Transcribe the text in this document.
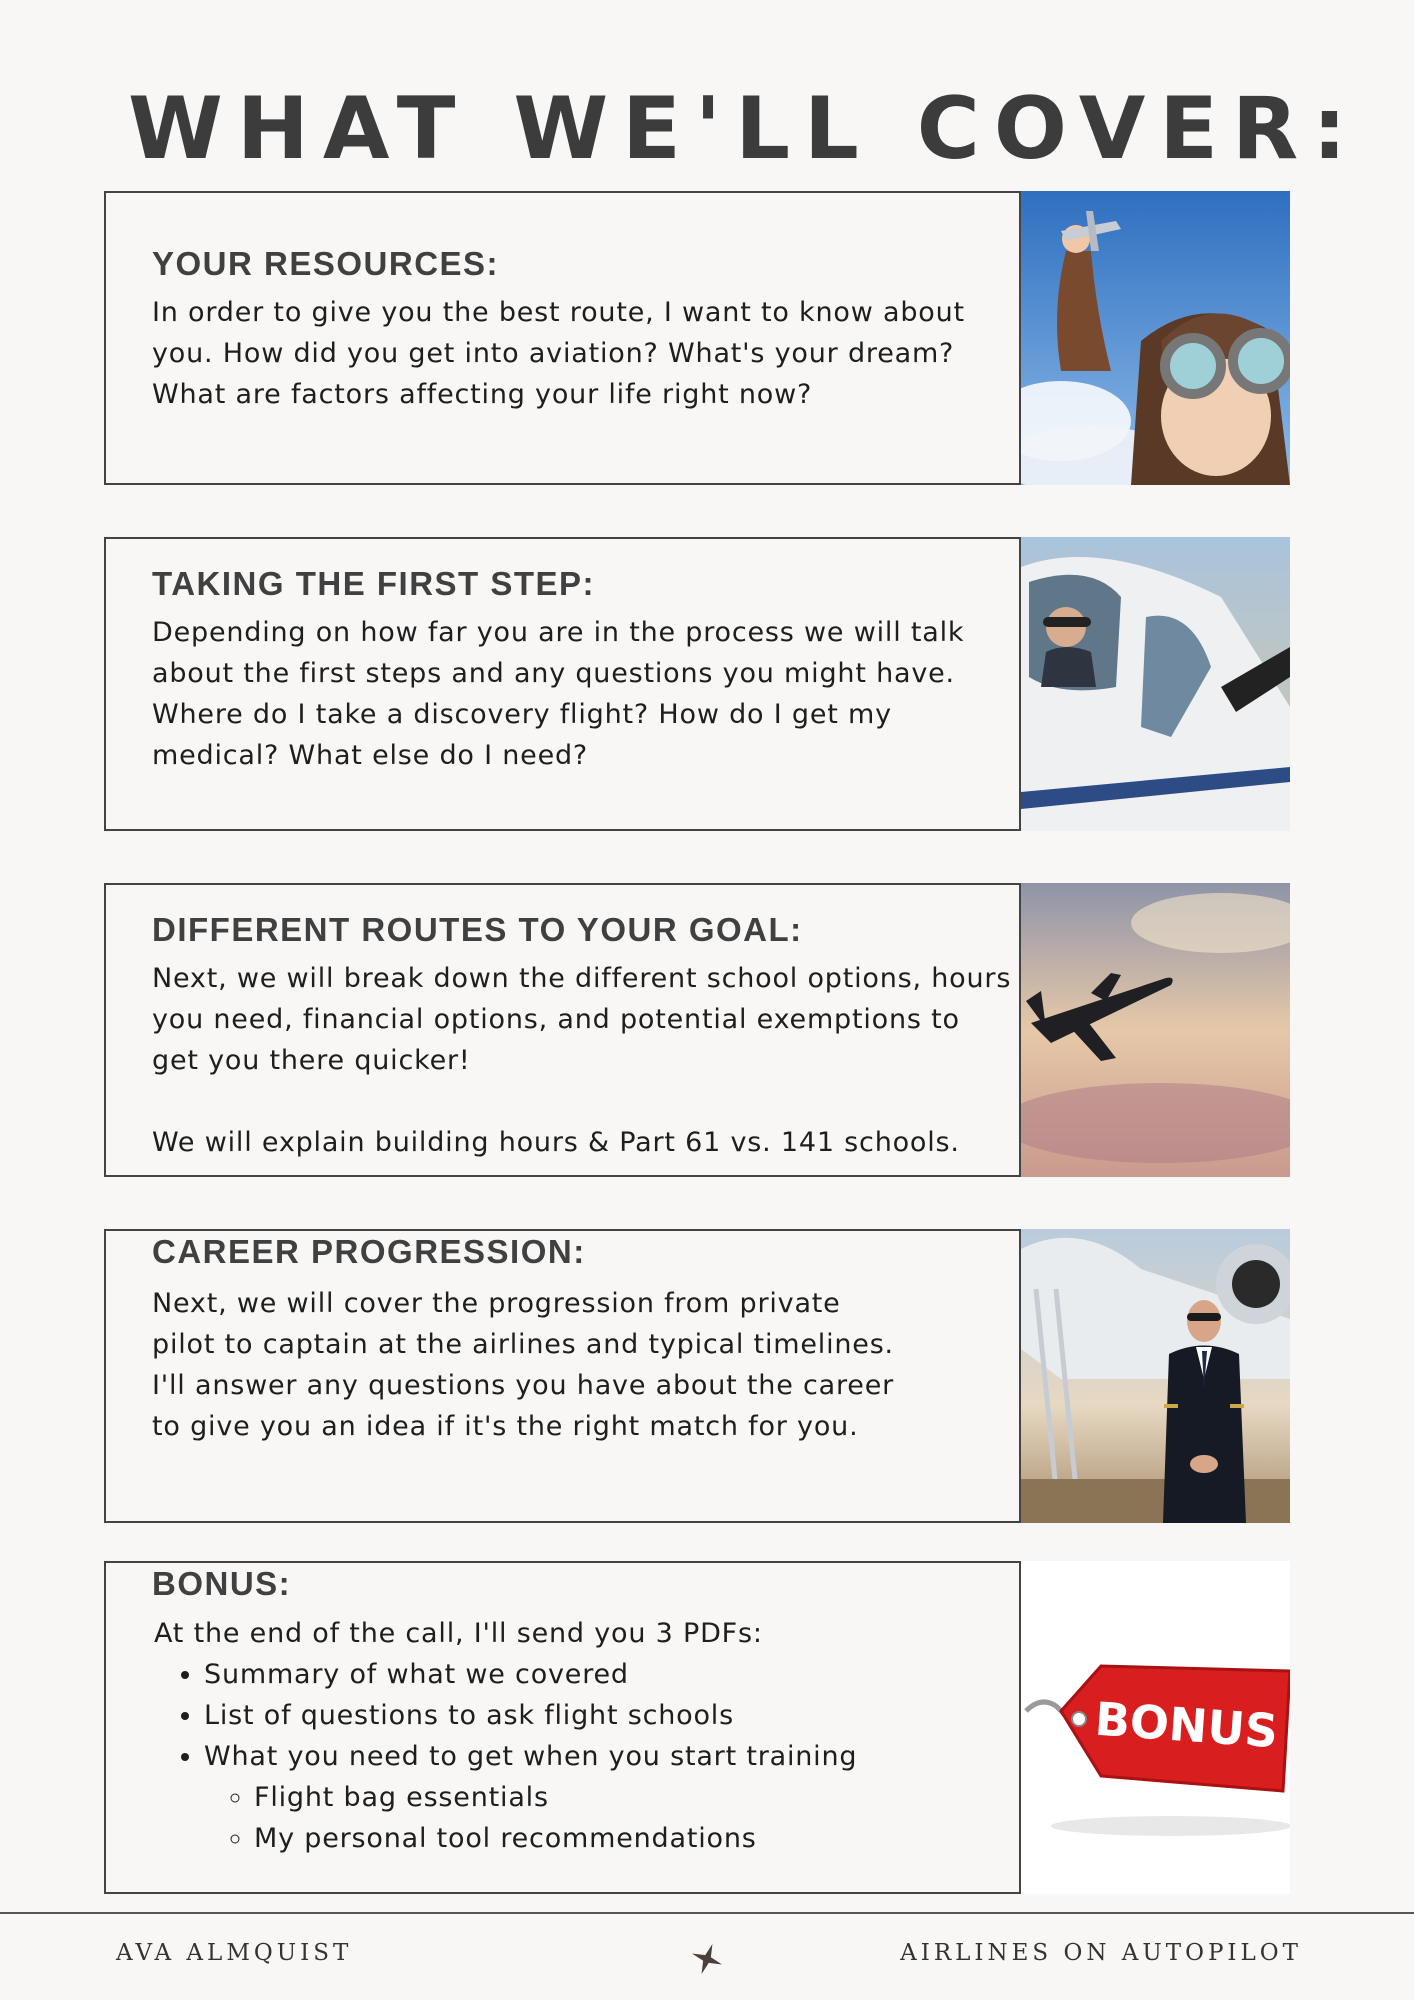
WHAT WE'LL COVER:
YOUR RESOURCES:

In order to give you the best route, I want to know about you. How did you get into aviation? What's your dream? What are factors affecting your life right now?

TAKING THE FIRST STEP:

Depending on how far you are in the process we will talk about the first steps and any questions you might have.

Where do I take a discovery flight? How do I get my medical? What else do I need?

DIFFERENT ROUTES TO YOUR GOAL:

Next, we will break down the different school options, hours you need, financial options, and potential exemptions to get you there quicker!

We will explain building hours & Part 61 vs. 141 schools.

CAREER PROGRESSION:

Next, we will cover the progression from private pilot to captain at the airlines and typical timelines.

I'll answer any questions you have about the career to give you an idea if it's the right match for you.

BONUS:

At the end of the call, I'll send you 3 PDFs:

• Summary of what we covered
• List of questions to ask flight schools
• What you need to get when you start training
◦ Flight bag essentials
◦ My personal tool recommendations
BONUS

AVA ALMQUIST	AIRLINES ON AUTOPILOT
